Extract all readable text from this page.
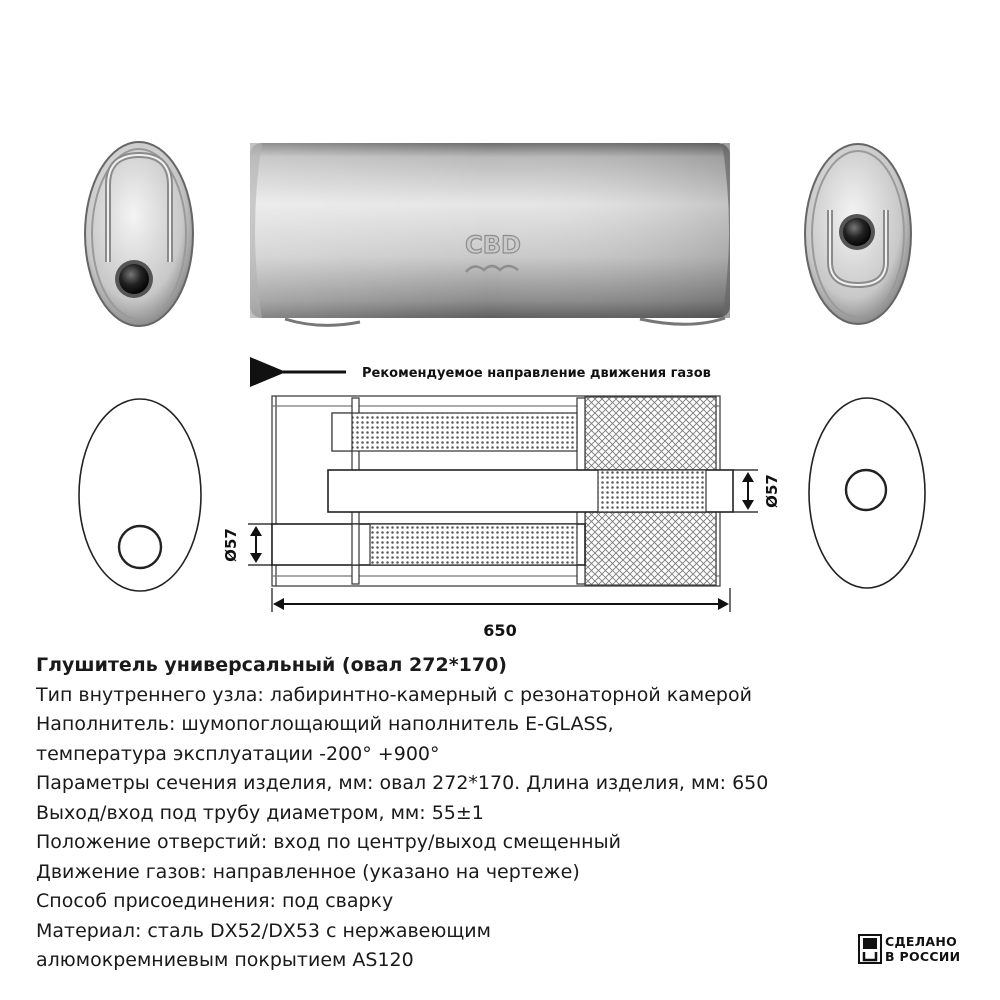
CBD
Рекомендуемое направление движения газов
Ø57
Ø57
650
Глушитель универсальный (овал 272*170)
Тип внутреннего узла: лабиринтно-камерный с резонаторной камерой
Наполнитель: шумопоглощающий наполнитель E-GLASS,
температура эксплуатации -200° +900°
Параметры сечения изделия, мм: овал 272*170. Длина изделия, мм: 650
Выход/вход под трубу диаметром, мм: 55±1
Положение отверстий: вход по центру/выход смещенный
Движение газов: направленное (указано на чертеже)
Способ присоединения: под сварку
Материал: сталь DX52/DX53 с нержавеющим
алюмокремниевым покрытием AS120
СДЕЛАНО
В РОССИИ
